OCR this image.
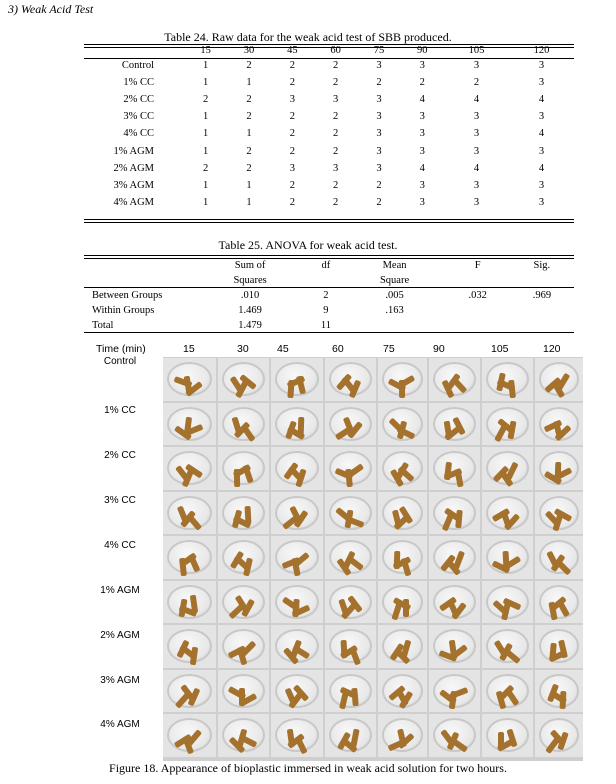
3) Weak Acid Test
Table 24. Raw data for the weak acid test of SBB produced.
	15	30	45	60	75	90	105	120
Control	1	2	2	2	3	3	3	3
1% CC	1	1	2	2	2	2	2	3
2% CC	2	2	3	3	3	4	4	4
3% CC	1	2	2	2	3	3	3	3
4% CC	1	1	2	2	3	3	3	4
1% AGM	1	2	2	2	3	3	3	3
2% AGM	2	2	3	3	3	4	4	4
3% AGM	1	1	2	2	2	3	3	3
4% AGM	1	1	2	2	2	3	3	3
Table 25. ANOVA for weak acid test.
	Sum of	df	Mean	F	Sig.
	Squares		Square		
Between Groups	.010	2	.005	.032	.969
Within Groups	1.469	9	.163		
Total	1.479	11			
Time (min)	15	30	45	60	75	90	105	120
Control
1% CC
2% CC
3% CC
4% CC
1% AGM
2% AGM
3% AGM
4% AGM
Figure 18. Appearance of bioplastic immersed in weak acid solution for two hours.
